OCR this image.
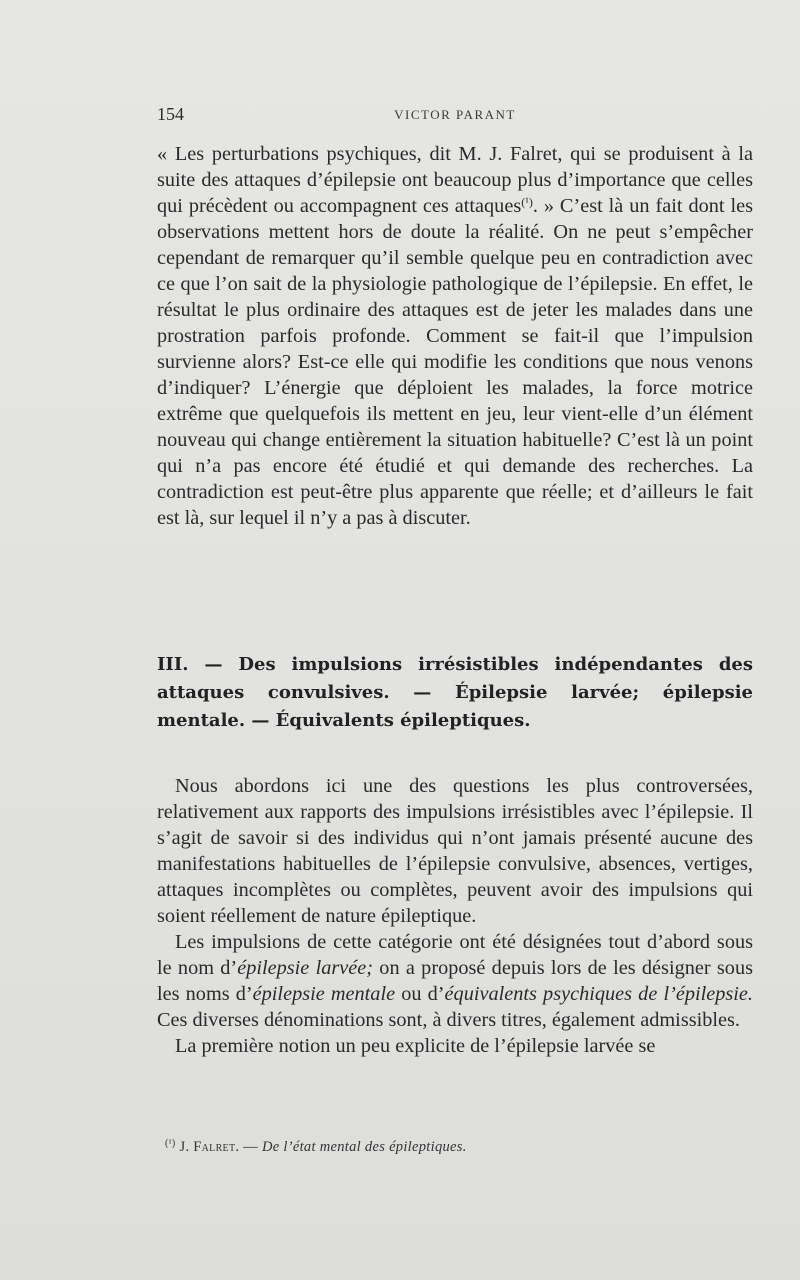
154	VICTOR PARANT

« Les perturbations psychiques, dit M. J. Falret, qui se produisent à la suite des attaques d’épilepsie ont beaucoup plus d’importance que celles qui précèdent ou accompagnent ces attaques$^{(^1)}$. » C’est là un fait dont les observations mettent hors de doute la réalité. On ne peut s’empêcher cependant de remarquer qu’il semble quelque peu en contradiction avec ce que l’on sait de la physiologie pathologique de l’épilepsie. En effet, le résultat le plus ordinaire des attaques est de jeter les malades dans une prostration parfois profonde. Comment se fait-il que l’impulsion survienne alors? Est-ce elle qui modifie les conditions que nous venons d’indiquer? L’énergie que déploient les malades, la force motrice extrême que quelquefois ils mettent en jeu, leur vient-elle d’un élément nouveau qui change entièrement la situation habituelle? C’est là un point qui n’a pas encore été étudié et qui demande des recherches. La contradiction est peut-être plus apparente que réelle; et d’ailleurs le fait est là, sur lequel il n’y a pas à discuter.

III. — Des impulsions irrésistibles indépendantes des attaques convulsives. — Épilepsie larvée; épilepsie mentale. — Équivalents épileptiques.

Nous abordons ici une des questions les plus controversées, relativement aux rapports des impulsions irrésistibles avec l’épilepsie. Il s’agit de savoir si des individus qui n’ont jamais présenté aucune des manifestations habituelles de l’épilepsie convulsive, absences, vertiges, attaques incomplètes ou complètes, peuvent avoir des impulsions qui soient réellement de nature épileptique.

Les impulsions de cette catégorie ont été désignées tout d’abord sous le nom d’épilepsie larvée; on a proposé depuis lors de les désigner sous les noms d’épilepsie mentale ou d’équivalents psychiques de l’épilepsie. Ces diverses dénominations sont, à divers titres, également admissibles.

La première notion un peu explicite de l’épilepsie larvée se

$^{(^1)}$ J. Falret. — De l’état mental des épileptiques.
